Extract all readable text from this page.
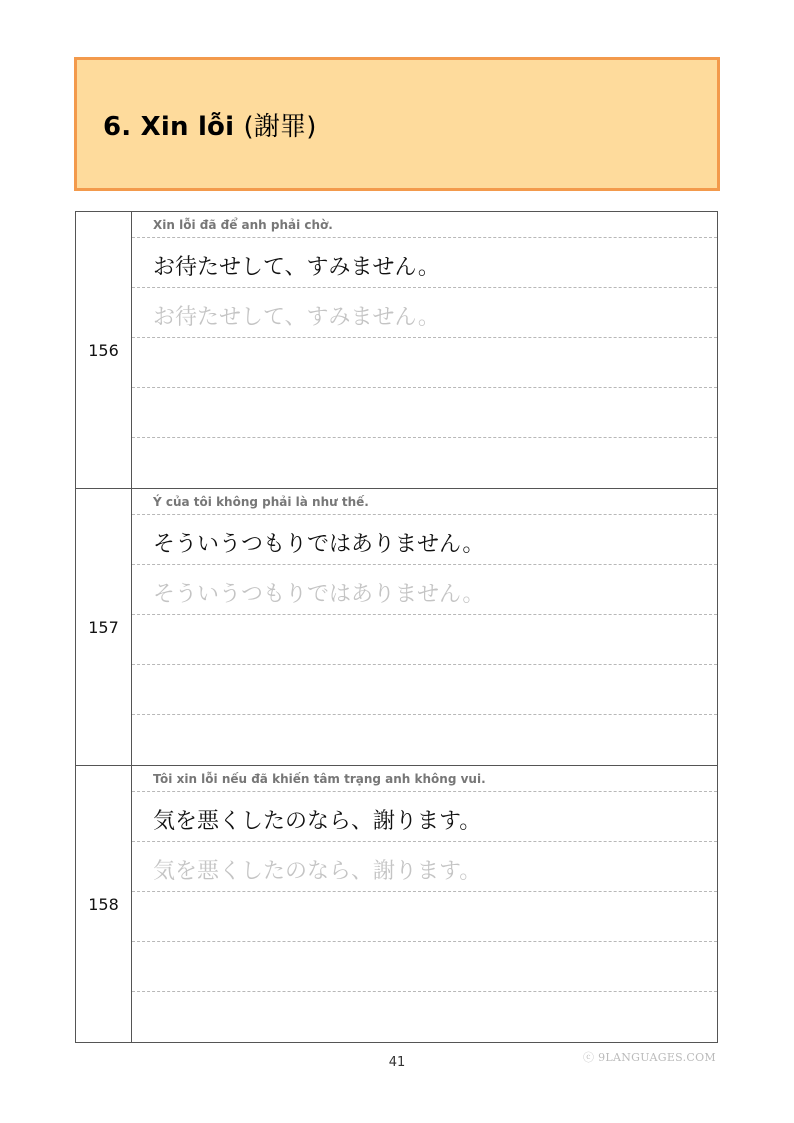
6. Xin lỗi (謝罪)
156
Xin lỗi đã để anh phải chờ.
お待たせして、すみません。
お待たせして、すみません。
157
Ý của tôi không phải là như thế.
そういうつもりではありません。
そういうつもりではありません。
158
Tôi xin lỗi nếu đã khiến tâm trạng anh không vui.
気を悪くしたのなら、謝ります。
気を悪くしたのなら、謝ります。
ⓒ 9LANGUAGES.COM
41
